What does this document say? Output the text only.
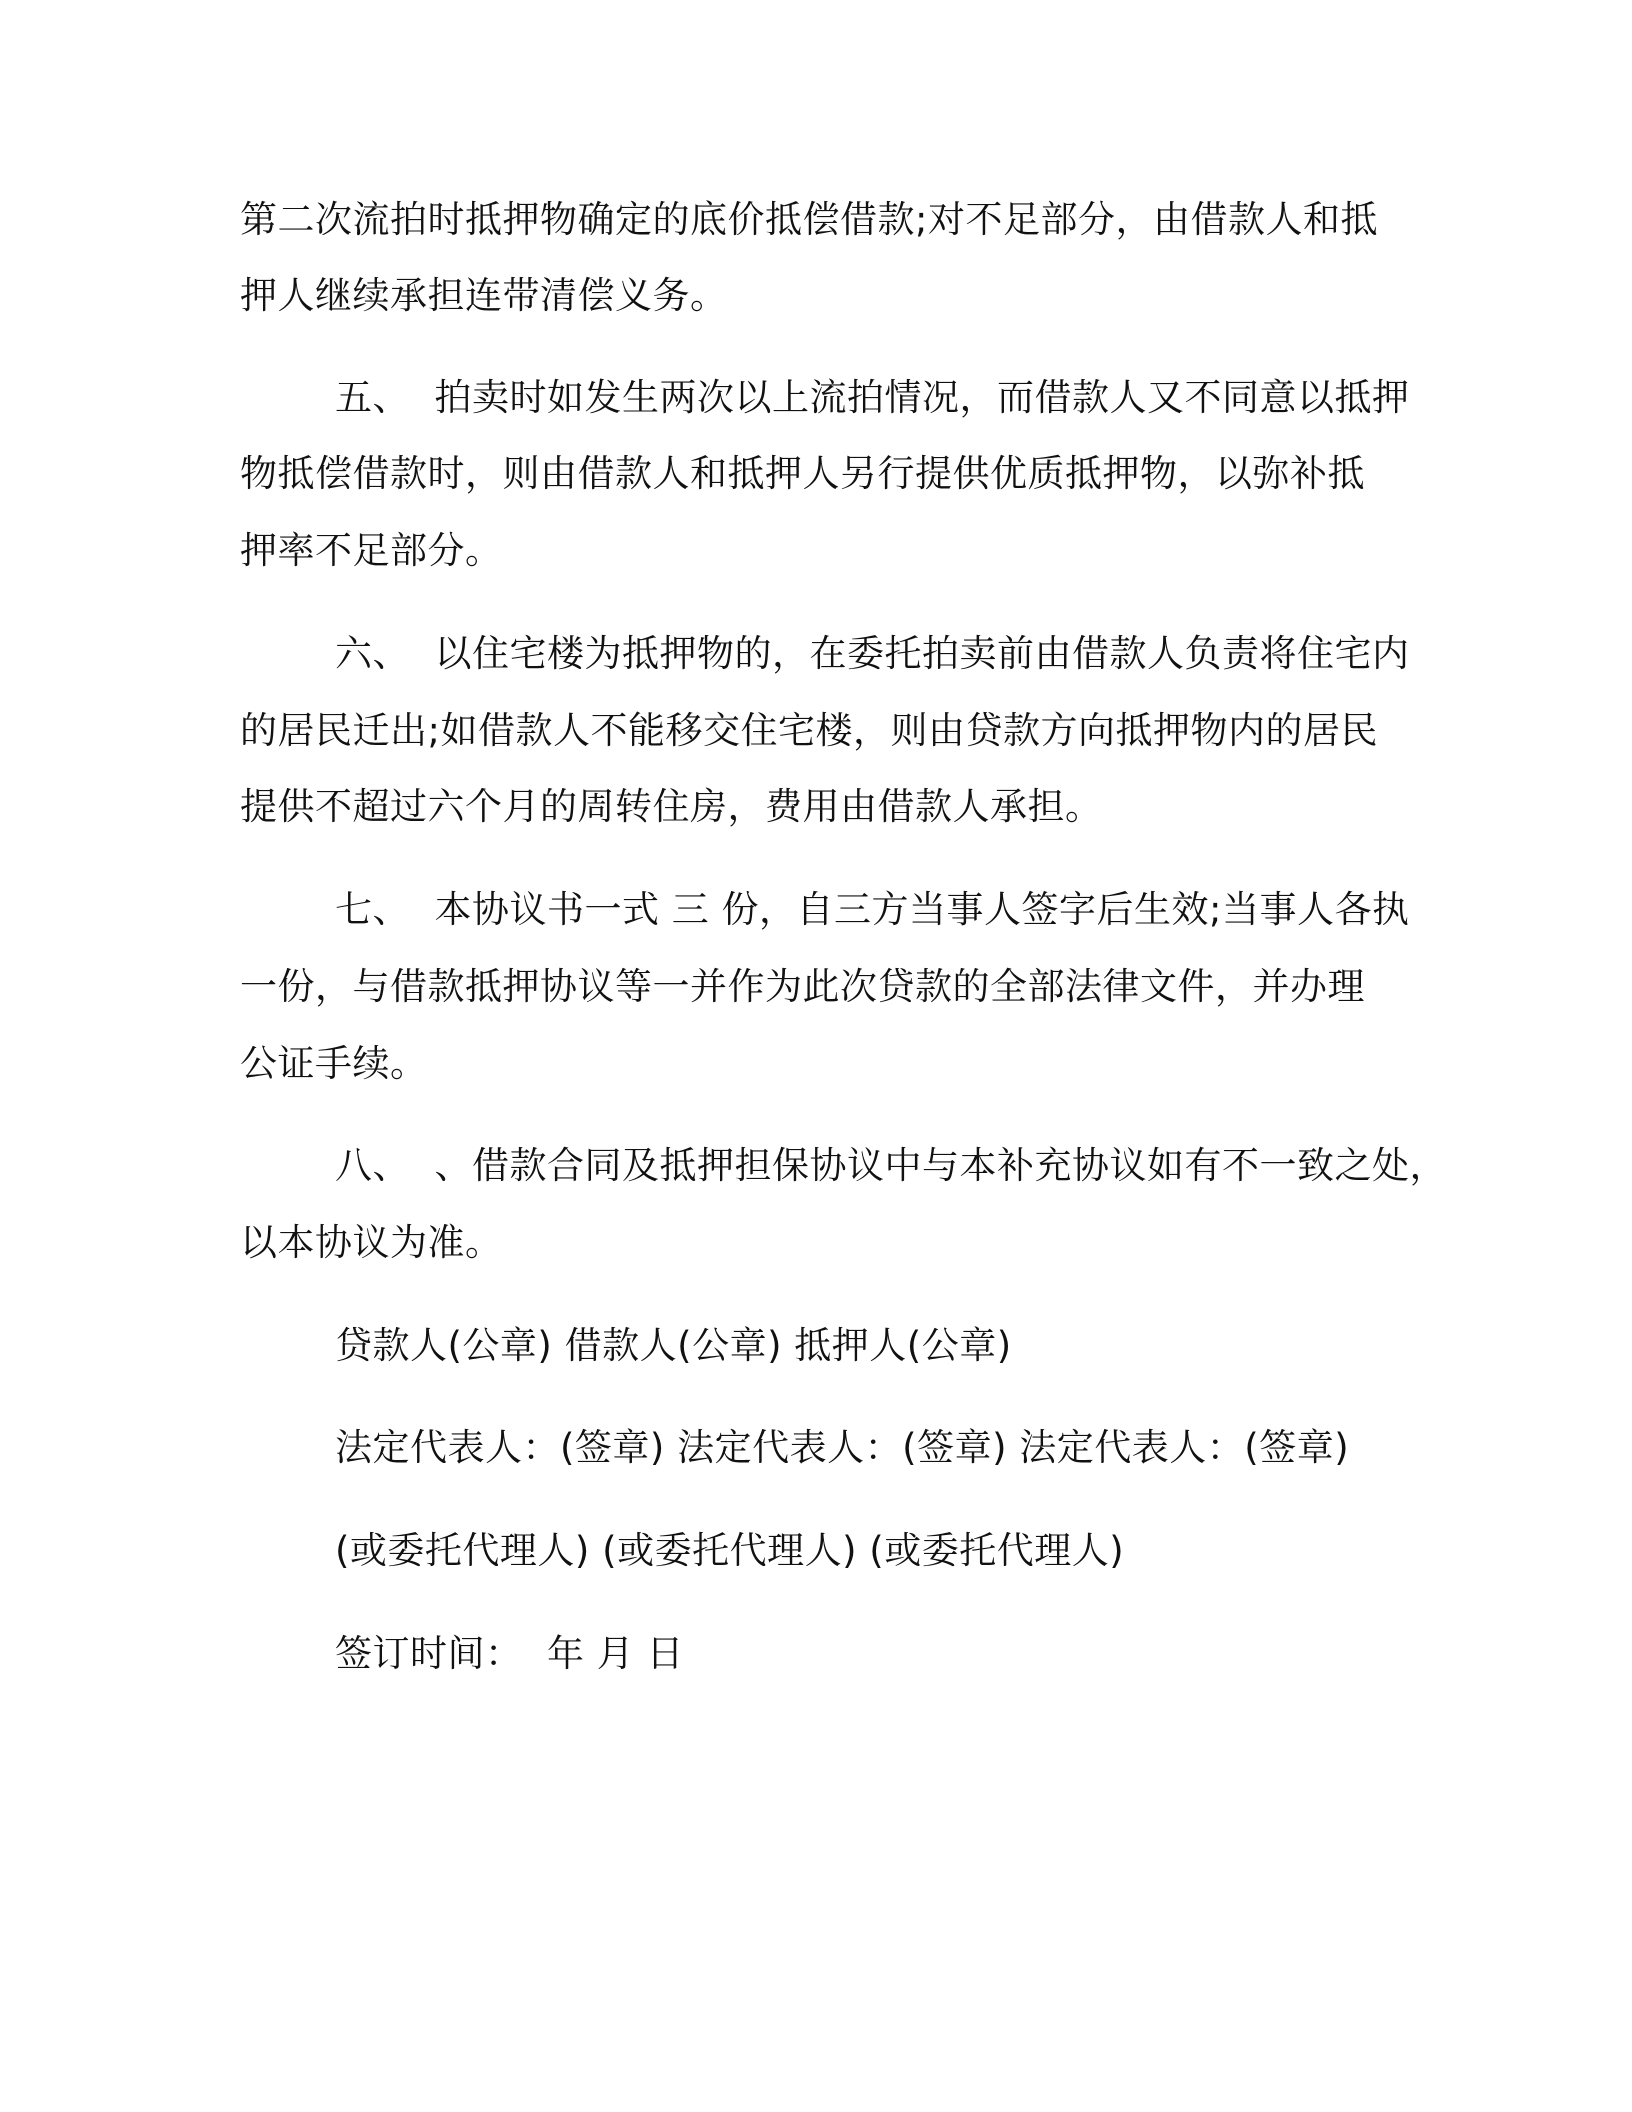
第二次流拍时抵押物确定的底价抵偿借款;对不足部分，由借款人和抵
押人继续承担连带清偿义务。
五、 拍卖时如发生两次以上流拍情况，而借款人又不同意以抵押
物抵偿借款时，则由借款人和抵押人另行提供优质抵押物，以弥补抵
押率不足部分。
六、 以住宅楼为抵押物的，在委托拍卖前由借款人负责将住宅内
的居民迁出;如借款人不能移交住宅楼，则由贷款方向抵押物内的居民
提供不超过六个月的周转住房，费用由借款人承担。
七、 本协议书一式 三 份，自三方当事人签字后生效;当事人各执
一份，与借款抵押协议等一并作为此次贷款的全部法律文件，并办理
公证手续。
八、 、借款合同及抵押担保协议中与本补充协议如有不一致之处，
以本协议为准。
贷款人(公章) 借款人(公章) 抵押人(公章)
法定代表人：(签章) 法定代表人：(签章) 法定代表人：(签章)
(或委托代理人) (或委托代理人) (或委托代理人)
签订时间：  年 月 日
